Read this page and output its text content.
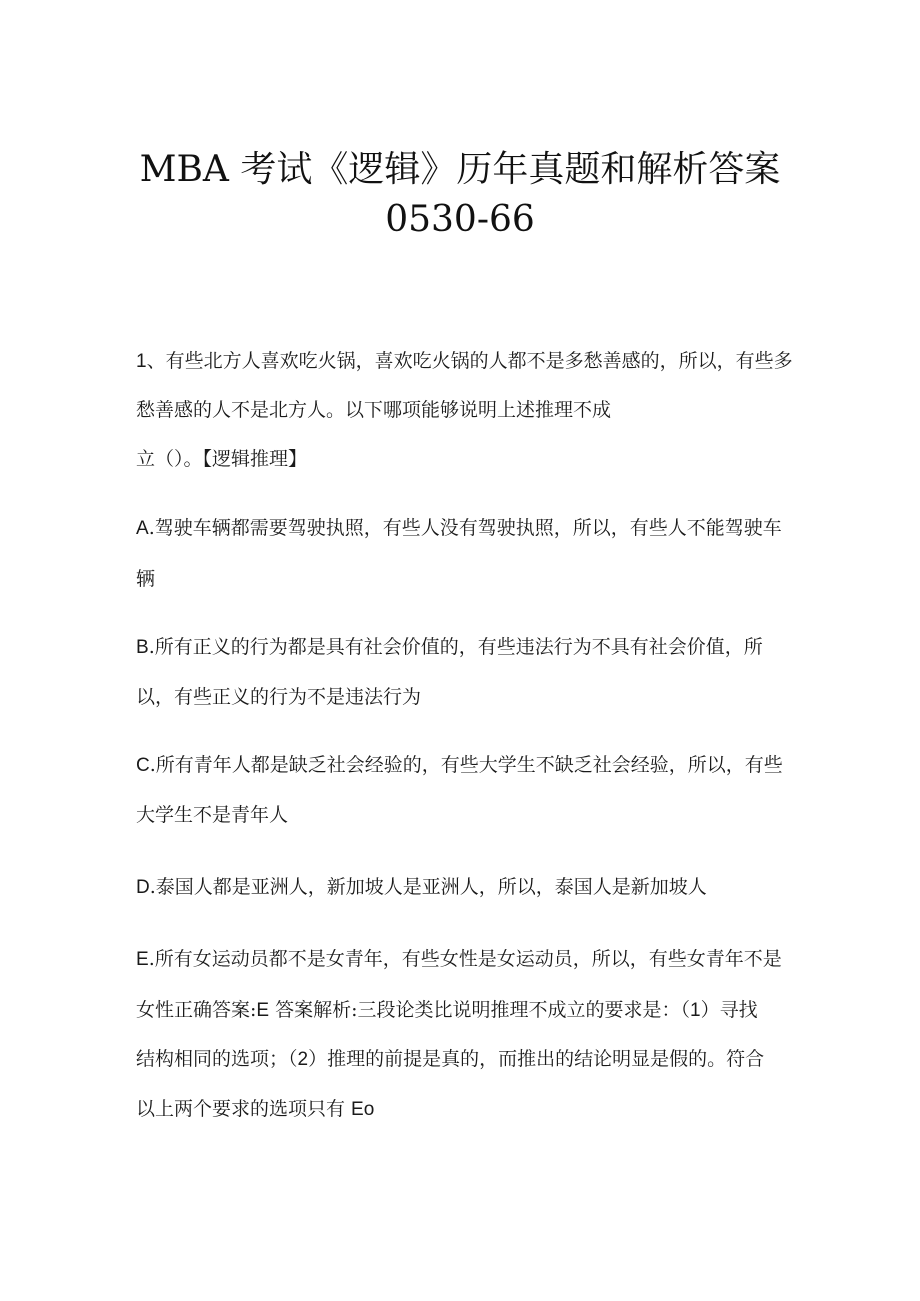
MBA 考试《逻辑》历年真题和解析答案
0530-66
1、有些北方人喜欢吃火锅，喜欢吃火锅的人都不是多愁善感的，所以，有些多
愁善感的人不是北方人。以下哪项能够说明上述推理不成
立（）。【逻辑推理】
A.驾驶车辆都需要驾驶执照，有些人没有驾驶执照，所以，有些人不能驾驶车
辆
B.所有正义的行为都是具有社会价值的，有些违法行为不具有社会价值，所
以，有些正义的行为不是违法行为
C.所有青年人都是缺乏社会经验的，有些大学生不缺乏社会经验，所以，有些
大学生不是青年人
D.泰国人都是亚洲人，新加坡人是亚洲人，所以，泰国人是新加坡人
E.所有女运动员都不是女青年，有些女性是女运动员，所以，有些女青年不是
女性正确答案:E 答案解析:三段论类比说明推理不成立的要求是：（1）寻找
结构相同的选项；（2）推理的前提是真的，而推出的结论明显是假的。符合
以上两个要求的选项只有 Eo
